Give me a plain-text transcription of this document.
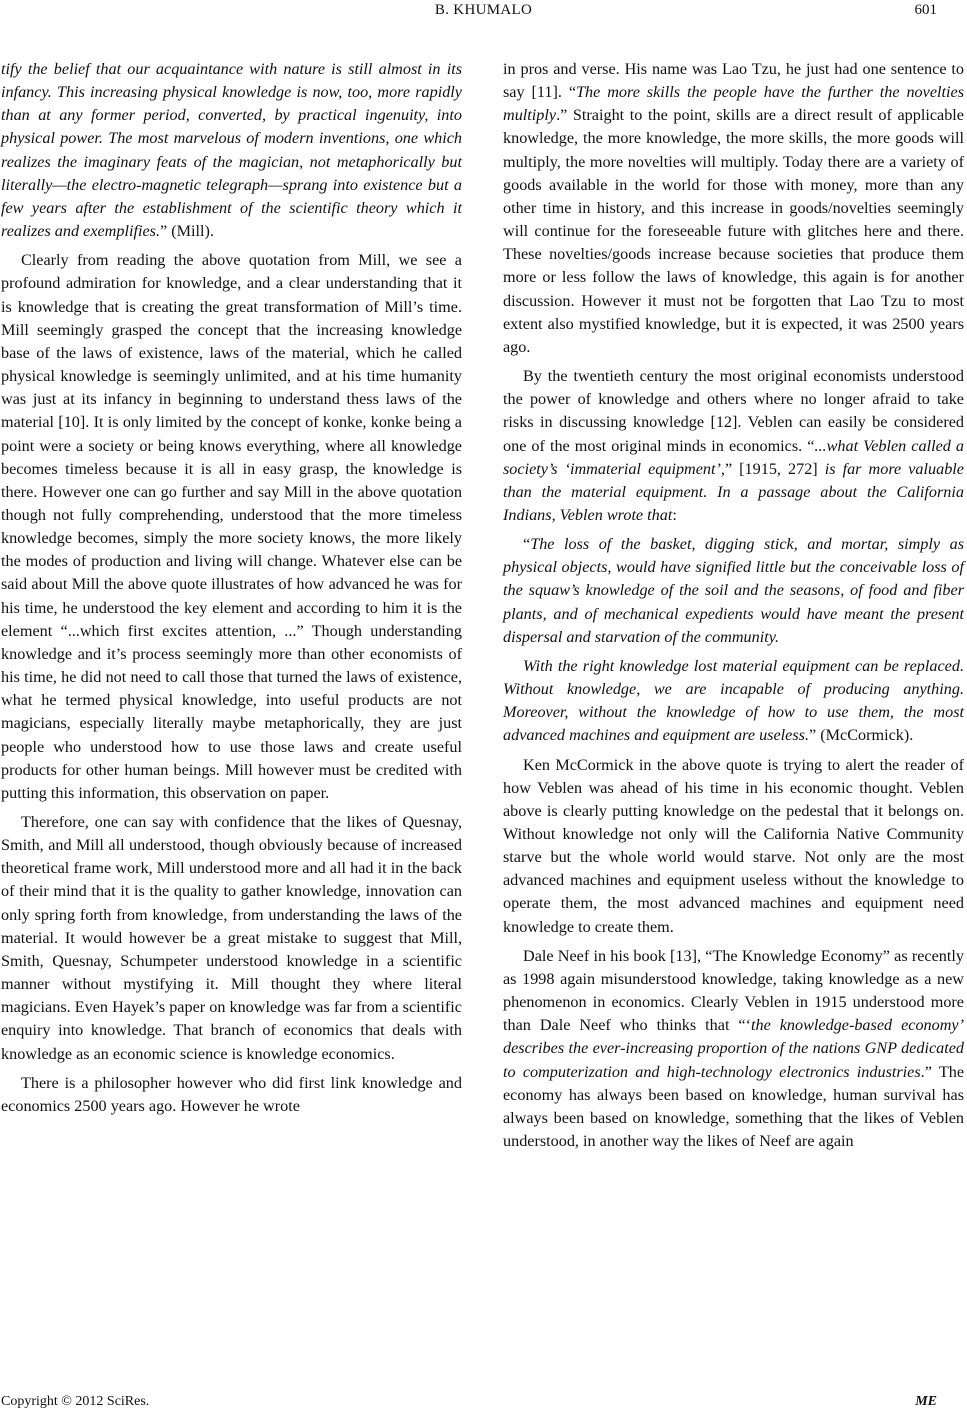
B. KHUMALO	601

tify the belief that our acquaintance with nature is still almost in its infancy. This increasing physical knowledge is now, too, more rapidly than at any former period, converted, by practical ingenuity, into physical power. The most marvelous of modern inventions, one which realizes the imaginary feats of the magician, not metaphorically but literally—the electro-magnetic telegraph—sprang into existence but a few years after the establishment of the scientific theory which it realizes and exemplifies.” (Mill).

Clearly from reading the above quotation from Mill, we see a profound admiration for knowledge, and a clear understanding that it is knowledge that is creating the great transformation of Mill’s time. Mill seemingly grasped the concept that the increasing knowledge base of the laws of existence, laws of the material, which he called physical knowledge is seemingly unlimited, and at his time humanity was just at its infancy in beginning to understand thess laws of the material [10]. It is only limited by the concept of konke, konke being a point were a society or being knows everything, where all knowledge becomes timeless because it is all in easy grasp, the knowledge is there. However one can go further and say Mill in the above quotation though not fully comprehending, understood that the more timeless knowledge becomes, simply the more society knows, the more likely the modes of production and living will change. Whatever else can be said about Mill the above quote illustrates of how advanced he was for his time, he understood the key element and according to him it is the element “...which first excites attention, ...” Though understanding knowledge and it’s process seemingly more than other economists of his time, he did not need to call those that turned the laws of existence, what he termed physical knowledge, into useful products are not magicians, especially literally maybe metaphorically, they are just people who understood how to use those laws and create useful products for other human beings. Mill however must be credited with putting this information, this observation on paper.

Therefore, one can say with confidence that the likes of Quesnay, Smith, and Mill all understood, though obviously because of increased theoretical frame work, Mill understood more and all had it in the back of their mind that it is the quality to gather knowledge, innovation can only spring forth from knowledge, from understanding the laws of the material. It would however be a great mistake to suggest that Mill, Smith, Quesnay, Schumpeter understood knowledge in a scientific manner without mystifying it. Mill thought they where literal magicians. Even Hayek’s paper on knowledge was far from a scientific enquiry into knowledge. That branch of economics that deals with knowledge as an economic science is knowledge economics.

There is a philosopher however who did first link knowledge and economics 2500 years ago. However he wrote

in pros and verse. His name was Lao Tzu, he just had one sentence to say [11]. “The more skills the people have the further the novelties multiply.” Straight to the point, skills are a direct result of applicable knowledge, the more knowledge, the more skills, the more goods will multiply, the more novelties will multiply. Today there are a variety of goods available in the world for those with money, more than any other time in history, and this increase in goods/novelties seemingly will continue for the foreseeable future with glitches here and there. These novelties/goods increase because societies that produce them more or less follow the laws of knowledge, this again is for another discussion. However it must not be forgotten that Lao Tzu to most extent also mystified knowledge, but it is expected, it was 2500 years ago.

By the twentieth century the most original economists understood the power of knowledge and others where no longer afraid to take risks in discussing knowledge [12]. Veblen can easily be considered one of the most original minds in economics. “...what Veblen called a society’s ‘immaterial equipment’,” [1915, 272] is far more valuable than the material equipment. In a passage about the California Indians, Veblen wrote that:

“The loss of the basket, digging stick, and mortar, simply as physical objects, would have signified little but the conceivable loss of the squaw’s knowledge of the soil and the seasons, of food and fiber plants, and of mechanical expedients would have meant the present dispersal and starvation of the community.

With the right knowledge lost material equipment can be replaced. Without knowledge, we are incapable of producing anything. Moreover, without the knowledge of how to use them, the most advanced machines and equipment are useless.” (McCormick).

Ken McCormick in the above quote is trying to alert the reader of how Veblen was ahead of his time in his economic thought. Veblen above is clearly putting knowledge on the pedestal that it belongs on. Without knowledge not only will the California Native Community starve but the whole world would starve. Not only are the most advanced machines and equipment useless without the knowledge to operate them, the most advanced machines and equipment need knowledge to create them.

Dale Neef in his book [13], “The Knowledge Economy” as recently as 1998 again misunderstood knowledge, taking knowledge as a new phenomenon in economics. Clearly Veblen in 1915 understood more than Dale Neef who thinks that “‘the knowledge-based economy’ describes the ever-increasing proportion of the nations GNP dedicated to computerization and high-technology electronics industries.” The economy has always been based on knowledge, human survival has always been based on knowledge, something that the likes of Veblen understood, in another way the likes of Neef are again

Copyright © 2012 SciRes.	ME
